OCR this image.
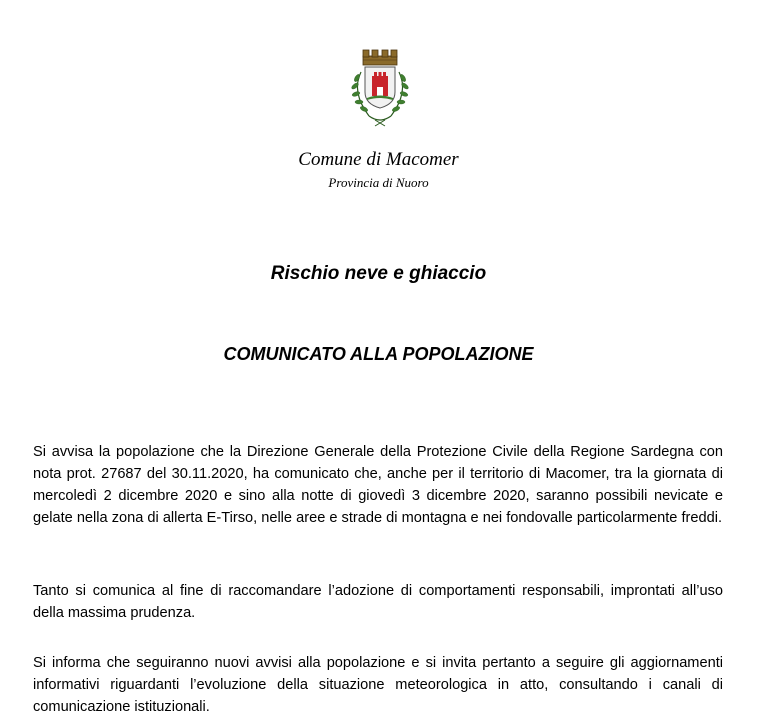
Comune di Macomer
Provincia di Nuoro
Rischio neve e ghiaccio
COMUNICATO ALLA POPOLAZIONE

Si avvisa la popolazione che la Direzione Generale della Protezione Civile della Regione Sardegna con nota prot. 27687 del 30.11.2020, ha comunicato che, anche per il territorio di Macomer, tra la giornata di mercoledì 2 dicembre 2020 e sino alla notte di giovedì 3 dicembre 2020, saranno possibili nevicate e gelate nella zona di allerta E-Tirso, nelle aree e strade di montagna e nei fondovalle particolarmente freddi.

Tanto si comunica al fine di raccomandare l’adozione di comportamenti responsabili, improntati all’uso della massima prudenza.

Si informa che seguiranno nuovi avvisi alla popolazione e si invita pertanto a seguire gli aggiornamenti informativi riguardanti l’evoluzione della situazione meteorologica in atto, consultando i canali di comunicazione istituzionali.
